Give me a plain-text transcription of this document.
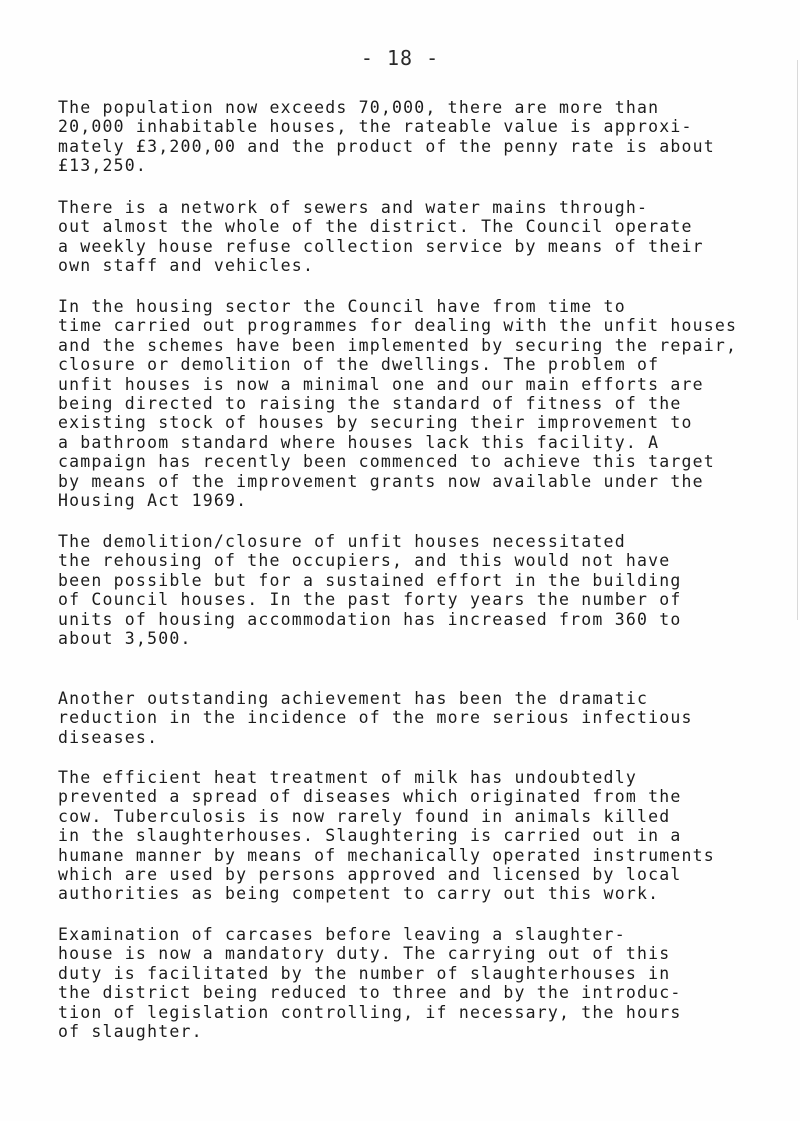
- 18 -

The population now exceeds 70,000, there are more than
20,000 inhabitable houses, the rateable value is approxi-
mately £3,200,00 and the product of the penny rate is about
£13,250.

There is a network of sewers and water mains through-
out almost the whole of the district. The Council operate
a weekly house refuse collection service by means of their
own staff and vehicles.

In the housing sector the Council have from time to
time carried out programmes for dealing with the unfit houses
and the schemes have been implemented by securing the repair,
closure or demolition of the dwellings. The problem of
unfit houses is now a minimal one and our main efforts are
being directed to raising the standard of fitness of the
existing stock of houses by securing their improvement to
a bathroom standard where houses lack this facility. A
campaign has recently been commenced to achieve this target
by means of the improvement grants now available under the
Housing Act 1969.

The demolition/closure of unfit houses necessitated
the rehousing of the occupiers, and this would not have
been possible but for a sustained effort in the building
of Council houses. In the past forty years the number of
units of housing accommodation has increased from 360 to
about 3,500.

Another outstanding achievement has been the dramatic
reduction in the incidence of the more serious infectious
diseases.

The efficient heat treatment of milk has undoubtedly
prevented a spread of diseases which originated from the
cow. Tuberculosis is now rarely found in animals killed
in the slaughterhouses. Slaughtering is carried out in a
humane manner by means of mechanically operated instruments
which are used by persons approved and licensed by local
authorities as being competent to carry out this work.

Examination of carcases before leaving a slaughter-
house is now a mandatory duty. The carrying out of this
duty is facilitated by the number of slaughterhouses in
the district being reduced to three and by the introduc-
tion of legislation controlling, if necessary, the hours
of slaughter.
